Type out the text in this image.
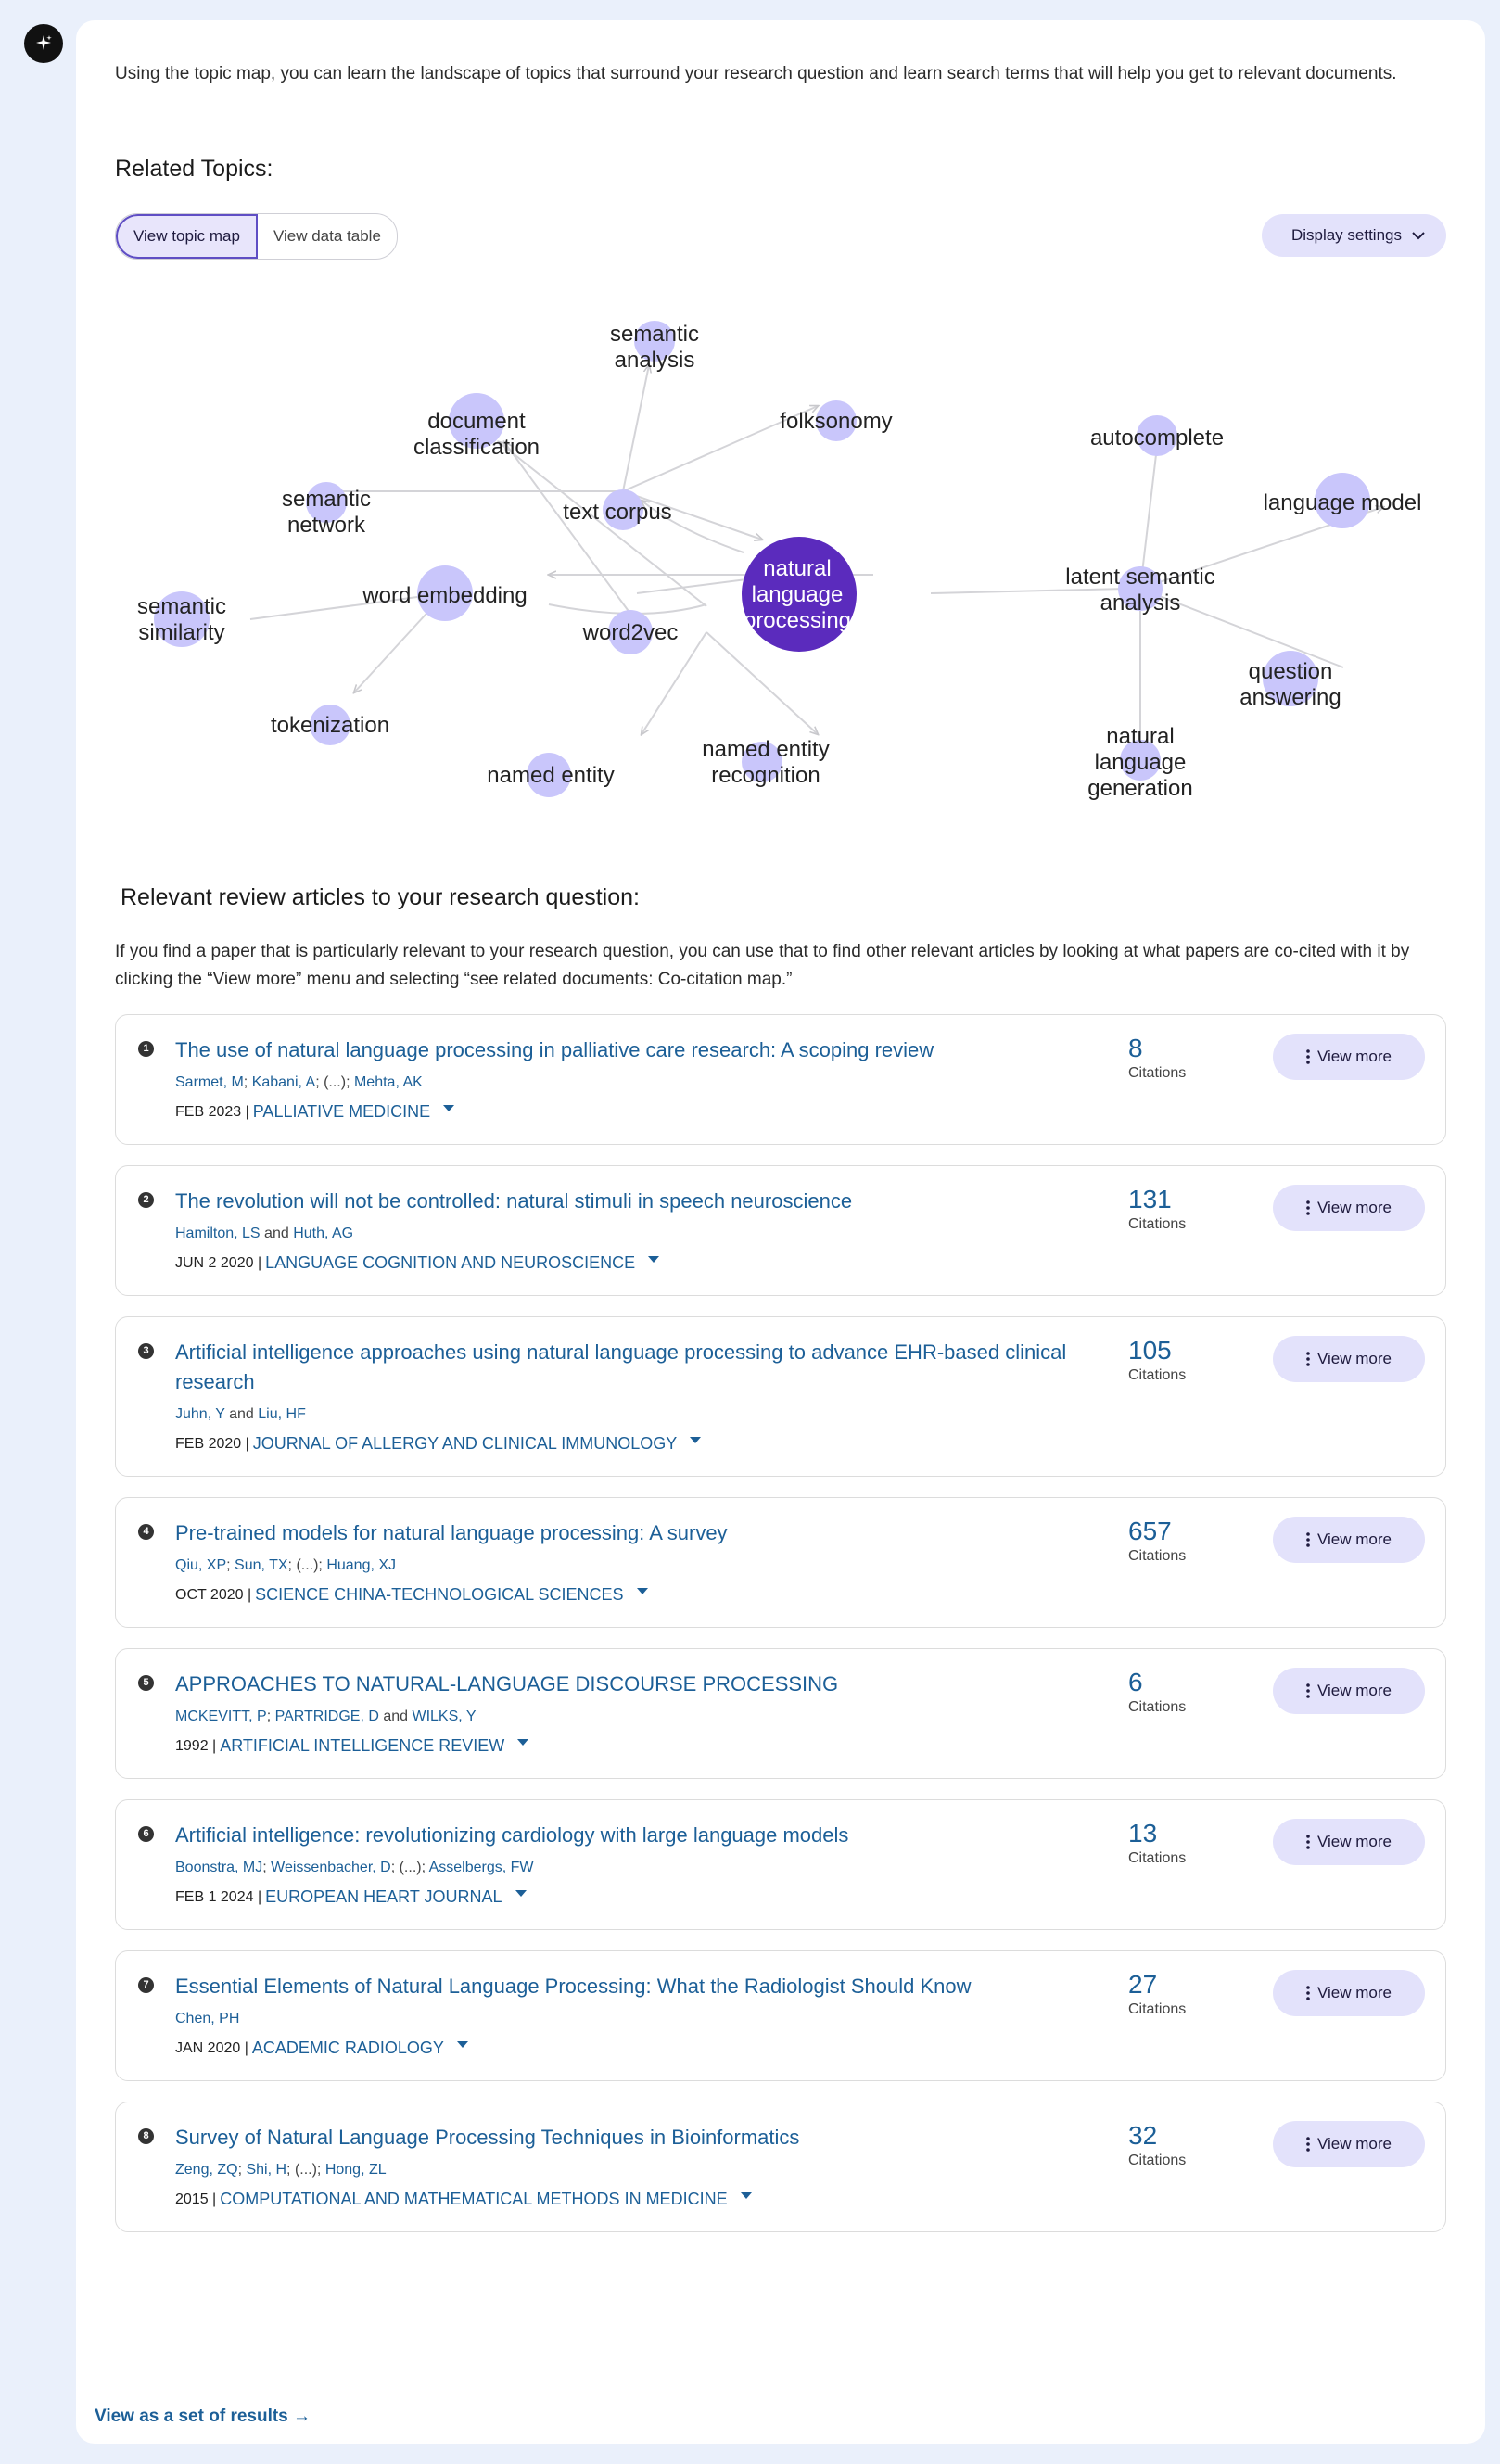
Using the topic map, you can learn the landscape of topics that surround your research question and learn search terms that will help you get to relevant documents.
Related Topics:
View topic map	View data table	Display settings
semantic analysis
document classification
folksonomy
autocomplete
semantic network
text corpus	language model
semantic similarity
word embedding
word2vec
latent semantic analysis
question answering
tokenization
named entity recognition
natural language generation
named entity
natural language processing
Relevant review articles to your research question:
If you find a paper that is particularly relevant to your research question, you can use that to find other relevant articles by looking at what papers are co-cited with it by clicking the “View more” menu and selecting “see related documents: Co-citation map.”
1 The use of natural language processing in palliative care research: A scoping review
Sarmet, M; Kabani, A; (...); Mehta, AK
FEB 2023 | PALLIATIVE MEDICINE
8
Citations
View more
2 The revolution will not be controlled: natural stimuli in speech neuroscience
Hamilton, LS and Huth, AG
JUN 2 2020 | LANGUAGE COGNITION AND NEUROSCIENCE
131
Citations
View more
3 Artificial intelligence approaches using natural language processing to advance EHR-based clinical research
Juhn, Y and Liu, HF
FEB 2020 | JOURNAL OF ALLERGY AND CLINICAL IMMUNOLOGY
105
Citations
View more
4 Pre-trained models for natural language processing: A survey
Qiu, XP; Sun, TX; (...); Huang, XJ
OCT 2020 | SCIENCE CHINA-TECHNOLOGICAL SCIENCES
657
Citations
View more
5 APPROACHES TO NATURAL-LANGUAGE DISCOURSE PROCESSING
MCKEVITT, P; PARTRIDGE, D and WILKS, Y
1992 | ARTIFICIAL INTELLIGENCE REVIEW
6
Citations
View more
6 Artificial intelligence: revolutionizing cardiology with large language models
Boonstra, MJ; Weissenbacher, D; (...); Asselbergs, FW
FEB 1 2024 | EUROPEAN HEART JOURNAL
13
Citations
View more
7 Essential Elements of Natural Language Processing: What the Radiologist Should Know
Chen, PH
JAN 2020 | ACADEMIC RADIOLOGY
27
Citations
View more
8 Survey of Natural Language Processing Techniques in Bioinformatics
Zeng, ZQ; Shi, H; (...); Hong, ZL
2015 | COMPUTATIONAL AND MATHEMATICAL METHODS IN MEDICINE
32
Citations
View more
View as a set of results →
